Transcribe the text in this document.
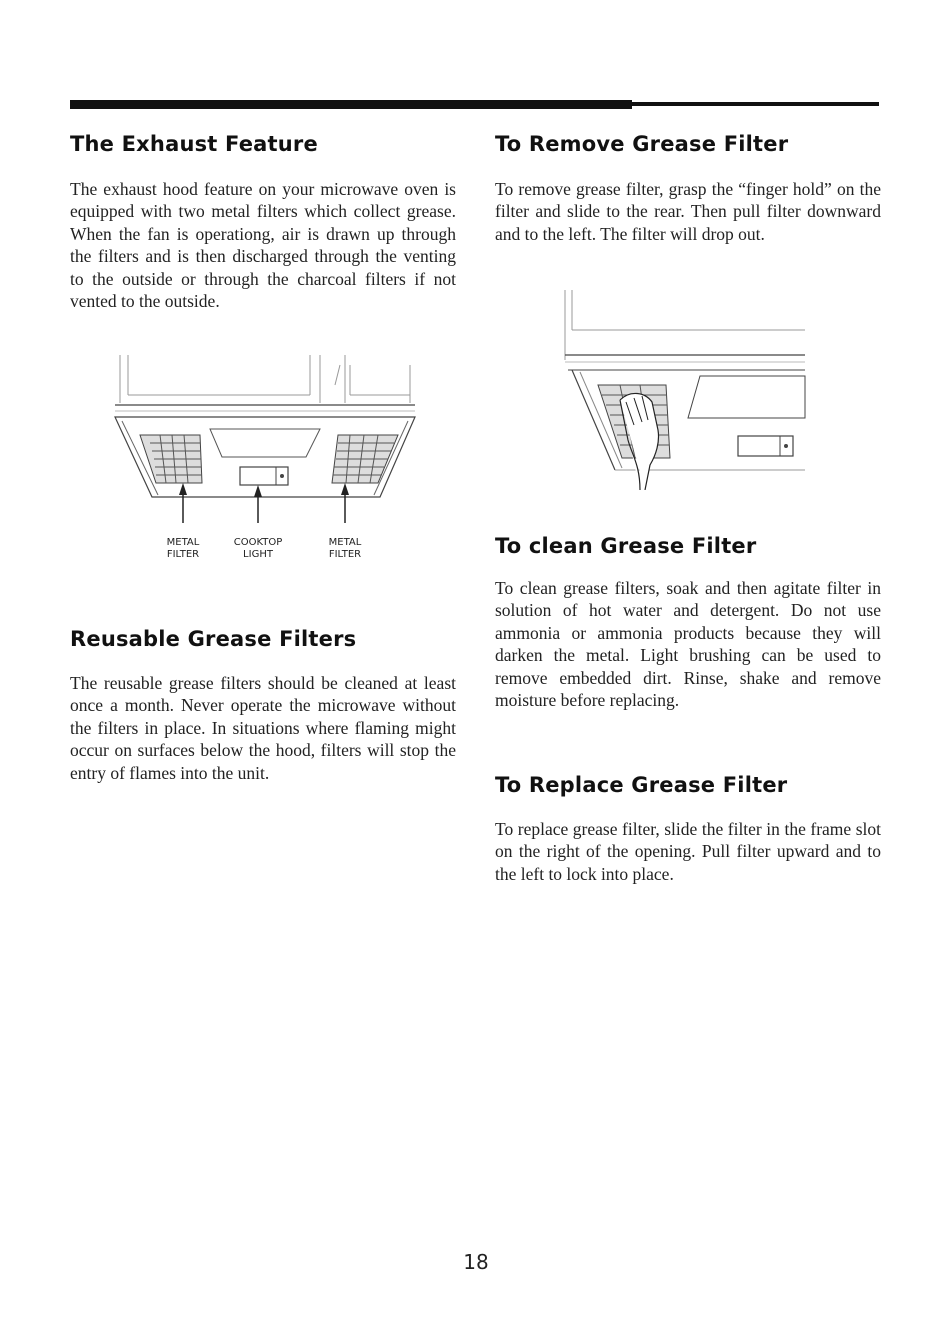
The Exhaust Feature

The exhaust hood feature on your microwave oven is equipped with two metal filters which collect grease. When the fan is operationg, air is drawn up through the filters and is then discharged through the venting to the outside or through the charcoal filters if not vented to the outside.

METAL
FILTER
COOKTOP
LIGHT
METAL
FILTER
Reusable Grease Filters

The reusable grease filters should be cleaned at least once a month. Never operate the microwave without the filters in place. In situations where flaming might occur on surfaces below the hood, filters will stop the entry of flames into the unit.

To Remove Grease Filter

To remove grease filter, grasp the “finger hold” on the filter and slide to the rear. Then pull filter downward and to the left. The filter will drop out.

To clean Grease Filter

To clean grease filters, soak and then agitate filter in solution of hot water and detergent. Do not use ammonia or ammonia products because they will darken the metal. Light brushing can be used to remove embedded dirt. Rinse, shake and remove moisture before replacing.

To Replace Grease Filter

To replace grease filter, slide the filter in the frame slot on the right of the opening. Pull filter upward and to the left to lock into place.

18
